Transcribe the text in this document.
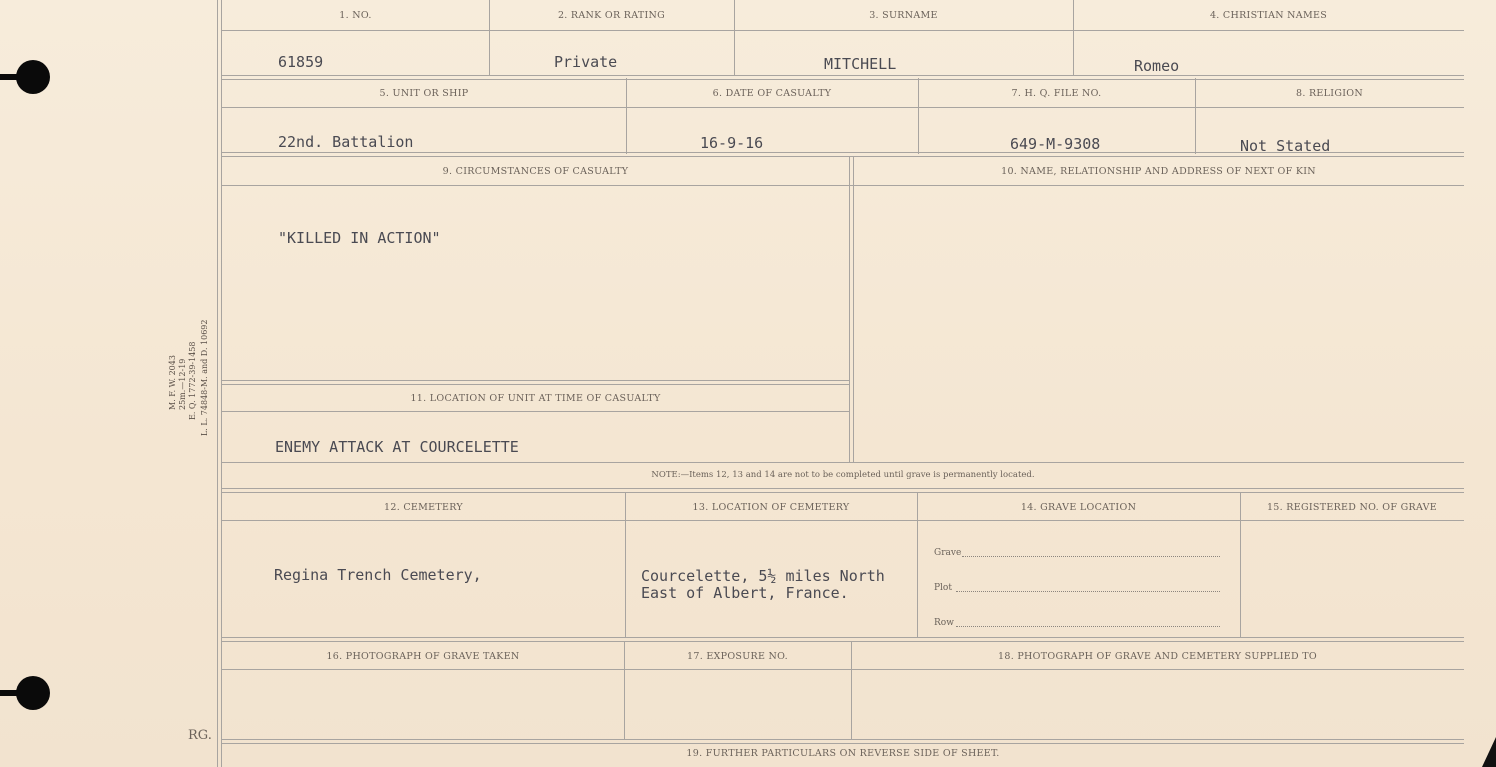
M. F. W. 2043 25m.—12-19 E. Q. 1772-39-1458 L. L. 74848-M. and D. 10692
RG.
1. NO.	2. RANK OR RATING	3. SURNAME	4. CHRISTIAN NAMES
61859	Private	MITCHELL	Romeo
5. UNIT OR SHIP	6. DATE OF CASUALTY	7. H. Q. FILE NO.	8. RELIGION
22nd. Battalion	16-9-16	649-M-9308	Not Stated
9. CIRCUMSTANCES OF CASUALTY	10. NAME, RELATIONSHIP AND ADDRESS OF NEXT OF KIN
"KILLED IN ACTION"
11. LOCATION OF UNIT AT TIME OF CASUALTY
ENEMY ATTACK AT COURCELETTE
NOTE:—Items 12, 13 and 14 are not to be completed until grave is permanently located.
12. CEMETERY	13. LOCATION OF CEMETERY	14. GRAVE LOCATION	15. REGISTERED NO. OF GRAVE
Regina Trench Cemetery,	Courcelette, 5½ miles North
East of Albert, France.
Grave
Plot
Row
16. PHOTOGRAPH OF GRAVE TAKEN	17. EXPOSURE NO.	18. PHOTOGRAPH OF GRAVE AND CEMETERY SUPPLIED TO
19. FURTHER PARTICULARS ON REVERSE SIDE OF SHEET.
